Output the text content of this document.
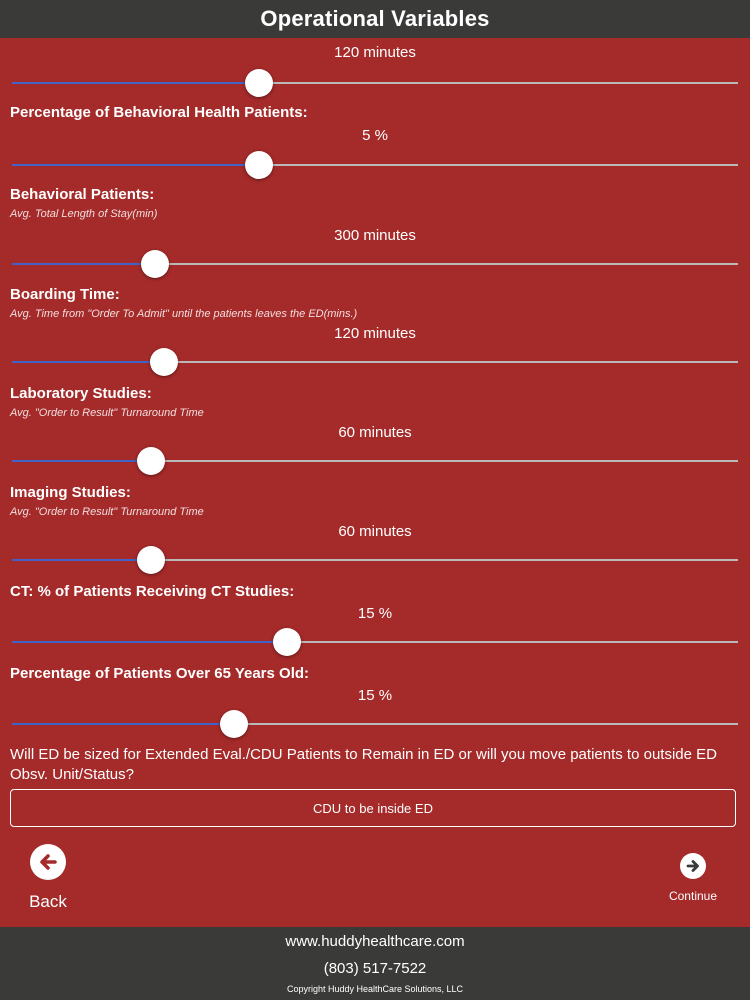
Operational Variables
120 minutes
Percentage of Behavioral Health Patients:
5 %
Behavioral Patients:
Avg. Total Length of Stay(min)
300 minutes
Boarding Time:
Avg. Time from "Order To Admit" until the patients leaves the ED(mins.)
120 minutes
Laboratory Studies:
Avg. "Order to Result" Turnaround Time
60 minutes
Imaging Studies:
Avg. "Order to Result" Turnaround Time
60 minutes
CT: % of Patients Receiving CT Studies:
15 %
Percentage of Patients Over 65 Years Old:
15 %
Will ED be sized for Extended Eval./CDU Patients to Remain in ED or will you move patients to outside ED Obsv. Unit/Status?
CDU to be inside ED
Back	Continue
www.huddyhealthcare.com
(803) 517-7522
Copyright Huddy HealthCare Solutions, LLC
